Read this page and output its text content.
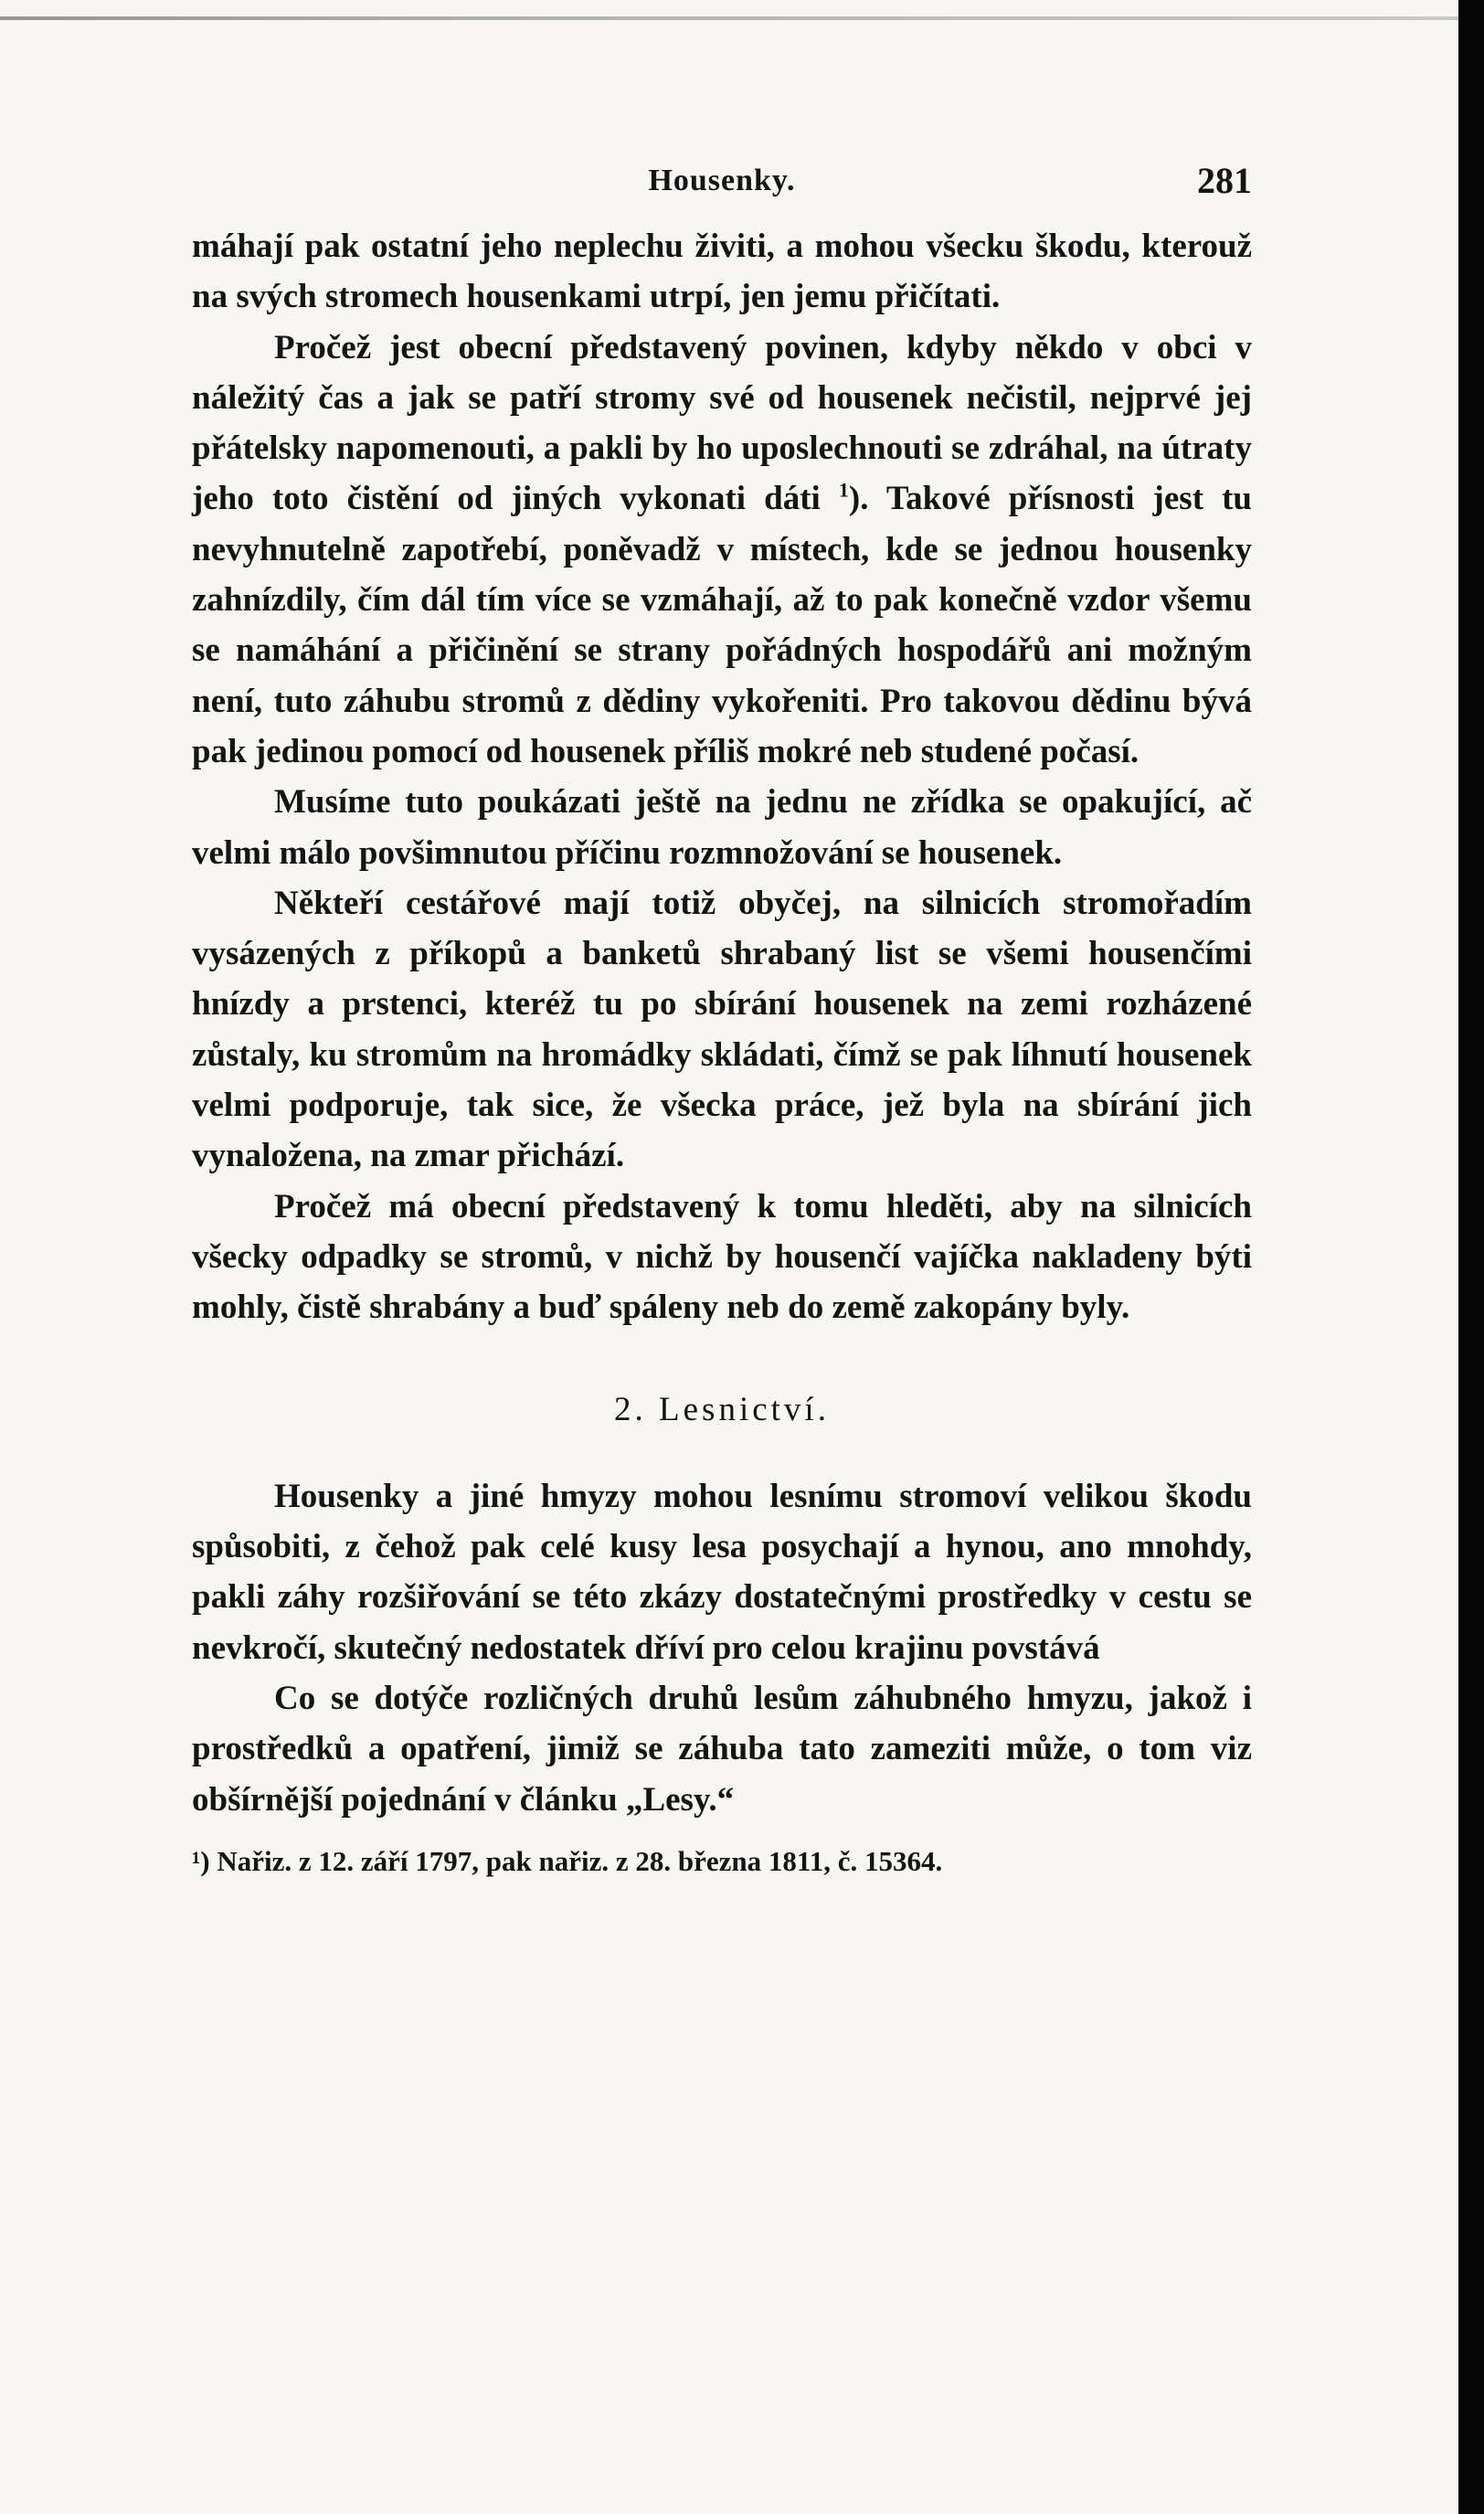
Housenky.	281

máhají pak ostatní jeho neplechu živiti, a mohou všecku škodu, kterouž na svých stromech housenkami utrpí, jen jemu přičítati.

Pročež jest obecní představený povinen, kdyby někdo v obci v náležitý čas a jak se patří stromy své od housenek nečistil, nejprvé jej přátelsky napomenouti, a pakli by ho uposlechnouti se zdráhal, na útraty jeho toto čistění od jiných vykonati dáti $^1$). Takové přísnosti jest tu nevyhnutelně zapotřebí, poněvadž v místech, kde se jednou housenky zahnízdily, čím dál tím více se vzmáhají, až to pak konečně vzdor všemu se namáhání a přičinění se strany pořádných hospodářů ani možným není, tuto záhubu stromů z dědiny vykořeniti. Pro takovou dědinu bývá pak jedinou pomocí od housenek příliš mokré neb studené počasí.

Musíme tuto poukázati ještě na jednu ne zřídka se opakující, ač velmi málo povšimnutou příčinu rozmnožování se housenek.

Někteří cestářové mají totiž obyčej, na silnicích stromořadím vysázených z příkopů a banketů shrabaný list se všemi housenčími hnízdy a prstenci, kteréž tu po sbírání housenek na zemi rozházené zůstaly, ku stromům na hromádky skládati, čímž se pak líhnutí housenek velmi podporuje, tak sice, že všecka práce, jež byla na sbírání jich vynaložena, na zmar přichází.

Pročež má obecní představený k tomu hleděti, aby na silnicích všecky odpadky se stromů, v nichž by housenčí vajíčka nakladeny býti mohly, čistě shrabány a buď spáleny neb do země zakopány byly.

2. Lesnictví.

Housenky a jiné hmyzy mohou lesnímu stromoví velikou škodu spůsobiti, z čehož pak celé kusy lesa posychají a hynou, ano mnohdy, pakli záhy rozšiřování se této zkázy dostatečnými prostředky v cestu se nevkročí, skutečný nedostatek dříví pro celou krajinu povstává

Co se dotýče rozličných druhů lesům záhubného hmyzu, jakož i prostředků a opatření, jimiž se záhuba tato zameziti může, o tom viz obšírnější pojednání v článku „Lesy.“

¹) Nařiz. z 12. září 1797, pak nařiz. z 28. března 1811, č. 15364.
